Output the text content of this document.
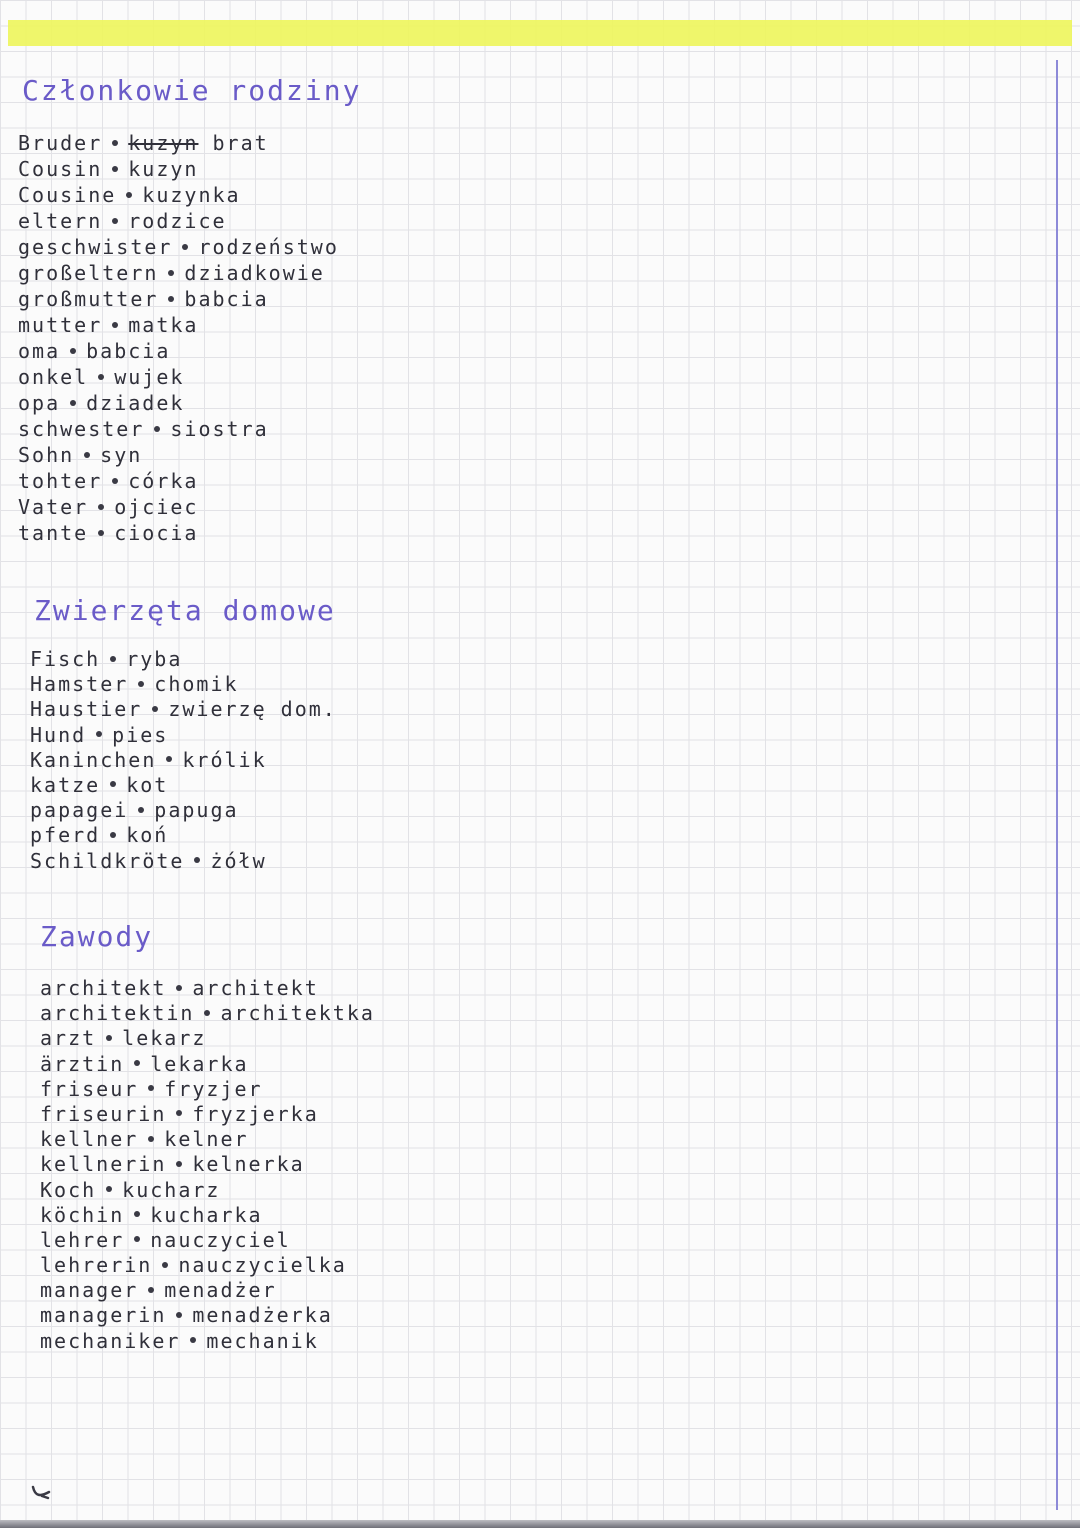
Członkowie rodziny
Bruder kuzyn brat
Cousin kuzyn
Cousine kuzynka
eltern rodzice
geschwister rodzeństwo
großeltern dziadkowie
großmutter babcia
mutter matka
oma babcia
onkel wujek
opa dziadek
schwester siostra
Sohn syn
tohter córka
Vater ojciec
tante ciocia
Zwierzęta domowe
Fisch ryba
Hamster chomik
Haustier zwierzę dom.
Hund pies
Kaninchen królik
katze kot
papagei papuga
pferd koń
Schildkröte żółw
Zawody
architekt architekt
architektin architektka
arzt lekarz
ärztin lekarka
friseur fryzjer
friseurin fryzjerka
kellner kelner
kellnerin kelnerka
Koch kucharz
köchin kucharka
lehrer nauczyciel
lehrerin nauczycielka
manager menadżer
managerin menadżerka
mechaniker mechanik
